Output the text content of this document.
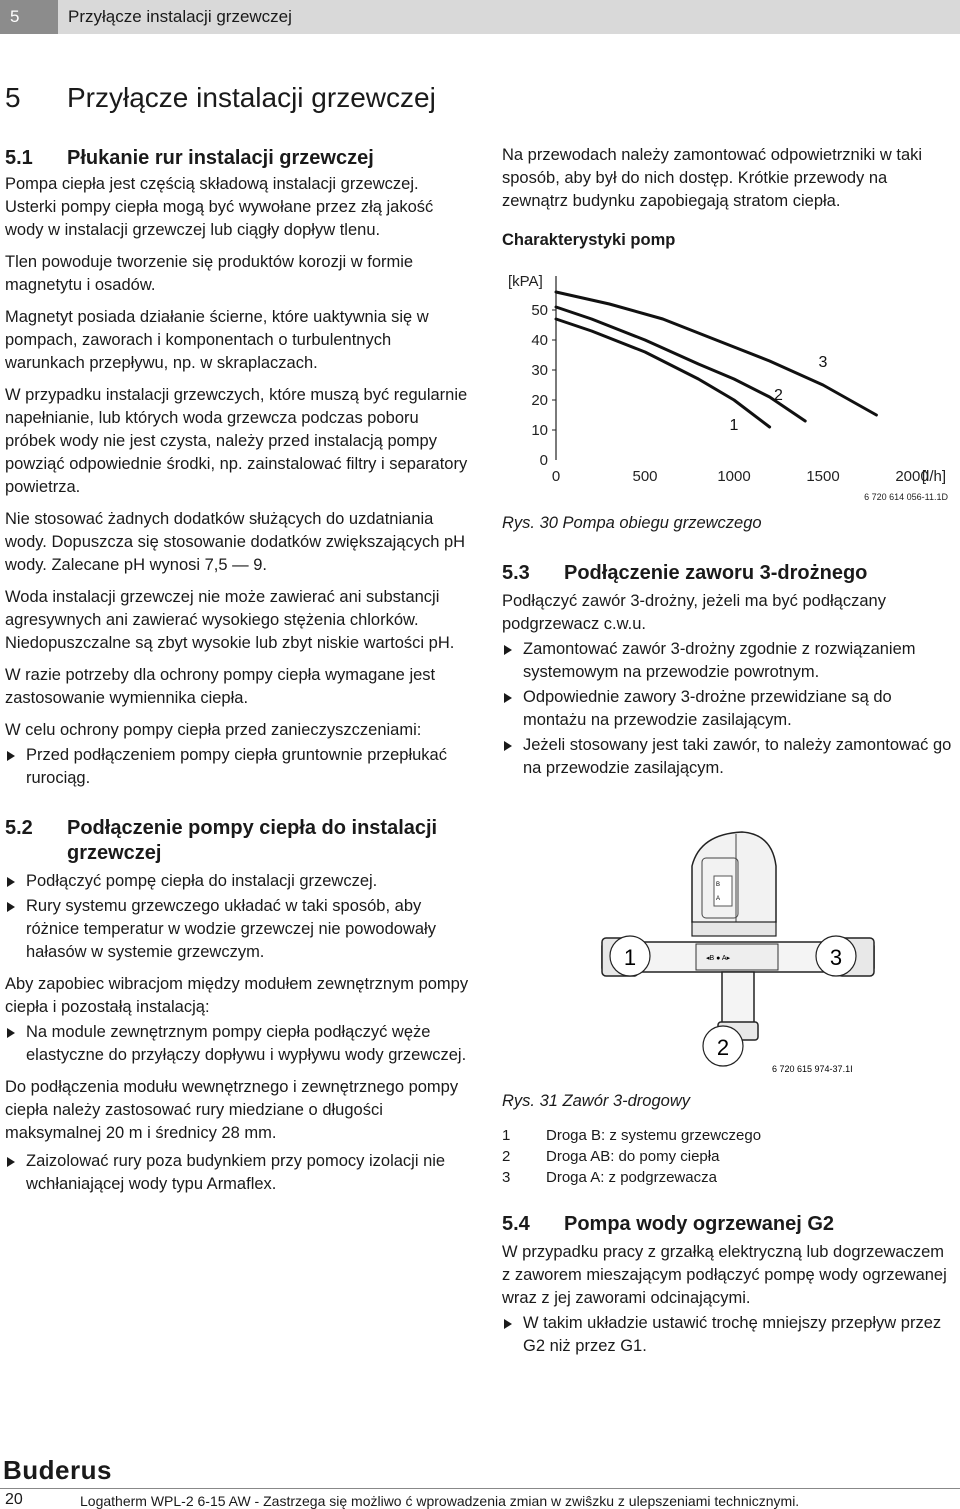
5	Przyłącze instalacji grzewczej
5 Przyłącze instalacji grzewczej
5.1 Płukanie rur instalacji grzewczej

Pompa ciepła jest częścią składową instalacji grzewczej. Usterki pompy ciepła mogą być wywołane przez złą jakość wody w instalacji grzewczej lub ciągły dopływ tlenu.

Tlen powoduje tworzenie się produktów korozji w formie magnetytu i osadów.

Magnetyt posiada działanie ścierne, które uaktywnia się w pompach, zaworach i komponentach o turbulentnych warunkach przepływu, np. w skraplaczach.

W przypadku instalacji grzewczych, które muszą być regularnie napełnianie, lub których woda grzewcza podczas poboru próbek wody nie jest czysta, należy przed instalacją pompy powziąć odpowiednie środki, np. zainstalować filtry i separatory powietrza.

Nie stosować żadnych dodatków służących do uzdatniania wody. Dopuszcza się stosowanie dodatków zwiększających pH wody. Zalecane pH wynosi 7,5 — 9.

Woda instalacji grzewczej nie może zawierać ani substancji agresywnych ani zawierać wysokiego stężenia chlorków. Niedopuszczalne są zbyt wysokie lub zbyt niskie wartości pH.

W razie potrzeby dla ochrony pompy ciepła wymagane jest zastosowanie wymiennika ciepła.

W celu ochrony pompy ciepła przed zanieczyszczeniami:

Przed podłączeniem pompy ciepła gruntownie przepłukać rurociąg.
5.2 Podłączenie pompy ciepła do instalacji grzewczej
Podłączyć pompę ciepła do instalacji grzewczej.
Rury systemu grzewczego układać w taki sposób, aby różnice temperatur w wodzie grzewczej nie powodowały hałasów w systemie grzewczym.

Aby zapobiec wibracjom między modułem zewnętrznym pompy ciepła i pozostałą instalacją:

Na module zewnętrznym pompy ciepła podłączyć węże elastyczne do przyłączy dopływu i wypływu wody grzewczej.

Do podłączenia modułu wewnętrznego i zewnętrznego pompy ciepła należy zastosować rury miedziane o długości maksymalnej 20 m i średnicy 28 mm.

Zaizolować rury poza budynkiem przy pomocy izolacji nie wchłaniającej wody typu Armaflex.

Na przewodach należy zamontować odpowietrzniki w taki sposób, aby był do nich dostęp. Krótkie przewody na zewnątrz budynku zapobiegają stratom ciepła.

Charakterystyki pomp
[kPA]
0
10
20
30
40
50
0	500	1000	1500	2000
[l/h]
1
2
3
6 720 614 056-11.1D
Rys. 30 Pompa obiegu grzewczego
5.3 Podłączenie zaworu 3-drożnego

Podłączyć zawór 3-drożny, jeżeli ma być podłączany podgrzewacz c.w.u.

Zamontować zawór 3-drożny zgodnie z rozwiązaniem systemowym na przewodzie powrotnym.
Odpowiednie zawory 3-drożne przewidziane są do montażu na przewodzie zasilającym.
Jeżeli stosowany jest taki zawór, to należy zamontować go na przewodzie zasilającym.
B
A
◂B ● A▸
1	3
2
6 720 615 974-37.1I
Rys. 31 Zawór 3-drogowy
1	Droga B: z systemu grzewczego
2	Droga AB: do pomy ciepła
3	Droga A: z podgrzewacza
5.4 Pompa wody ogrzewanej G2

W przypadku pracy z grzałką elektryczną lub dogrzewaczem z zaworem mieszającym podłączyć pompę wody ogrzewanej wraz z jej zaworami odcinającymi.

W takim układzie ustawić trochę mniejszy przepływ przez G2 niż przez G1.
Buderus
20	Logatherm WPL-2 6-15 AW - Zastrzega się możliwo ć wprowadzenia zmian w zwiŝzku z ulepszeniami technicznymi.
